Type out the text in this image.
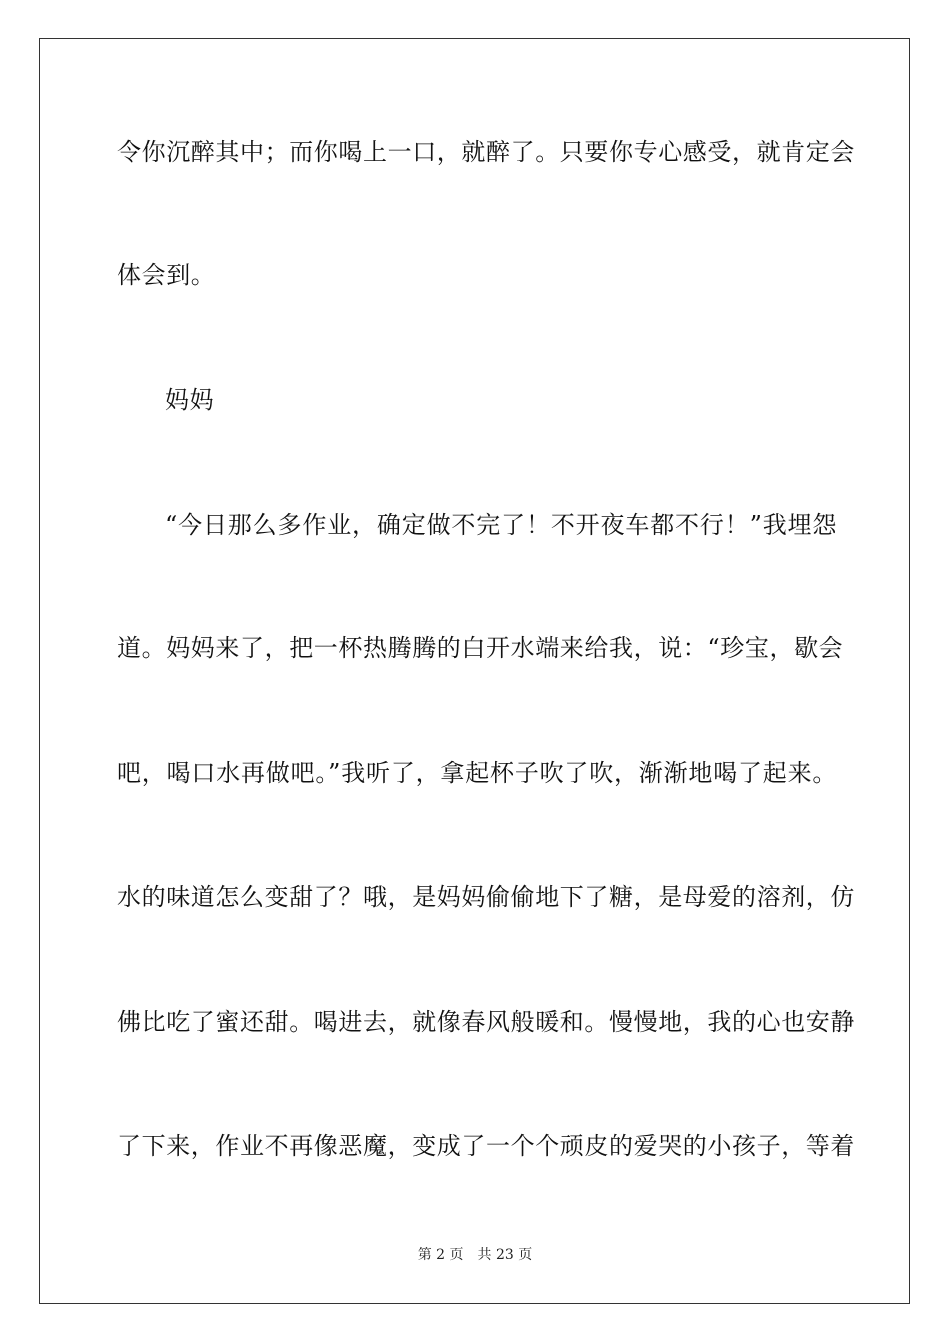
令你沉醉其中；而你喝上一口，就醉了。只要你专心感受，就肯定会
体会到。
妈妈
“今日那么多作业，确定做不完了！不开夜车都不行！”我埋怨
道。妈妈来了，把一杯热腾腾的白开水端来给我，说：“珍宝，歇会
吧，喝口水再做吧。”我听了，拿起杯子吹了吹，渐渐地喝了起来。
水的味道怎么变甜了？哦，是妈妈偷偷地下了糖，是母爱的溶剂，仿
佛比吃了蜜还甜。喝进去，就像春风般暖和。慢慢地，我的心也安静
了下来，作业不再像恶魔，变成了一个个顽皮的爱哭的小孩子，等着
第 2 页 共 23 页
